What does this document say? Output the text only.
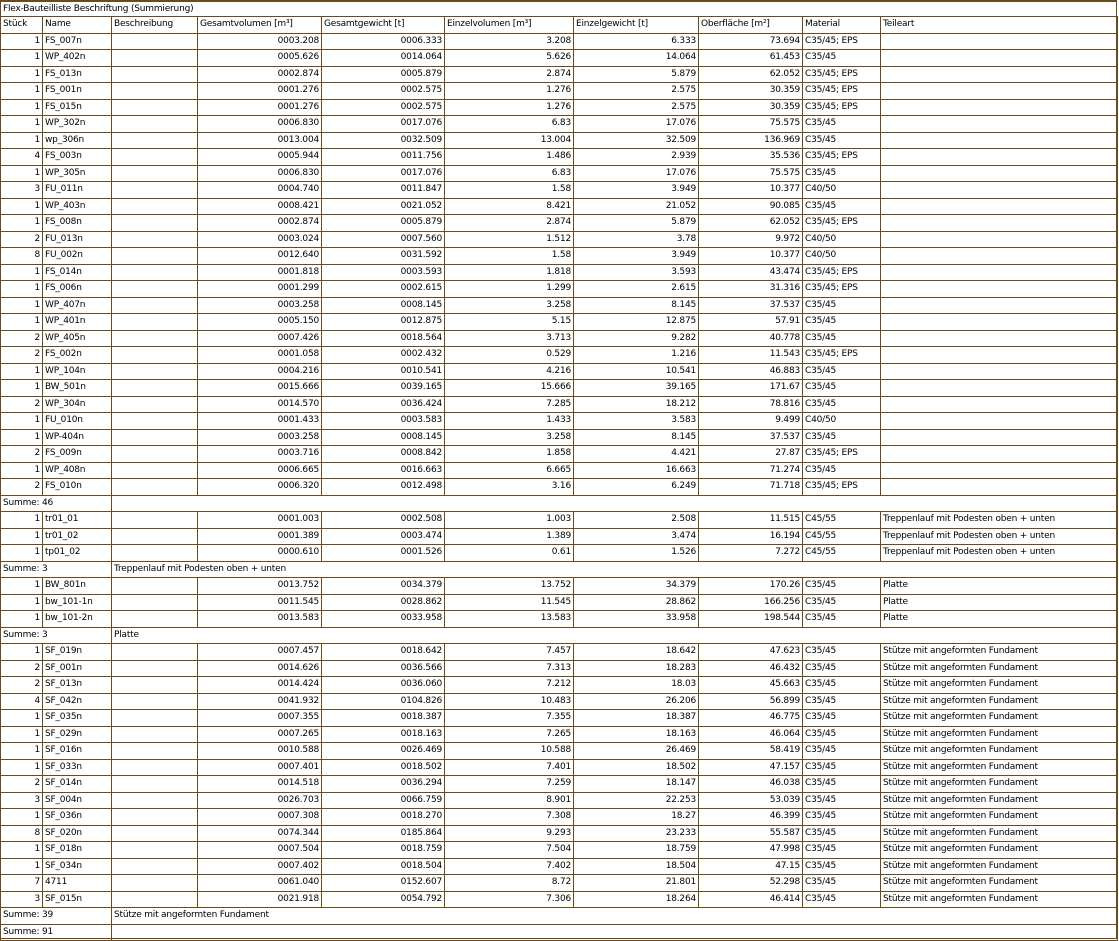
Flex-Bauteilliste Beschriftung (Summierung)
Stück	Name	Beschreibung	Gesamtvolumen [m³]	Gesamtgewicht [t]	Einzelvolumen [m³]	Einzelgewicht [t]	Oberfläche [m²]	Material	Teileart
1	FS_007n		0003.208	0006.333	3.208	6.333	73.694	C35/45; EPS	
1	WP_402n		0005.626	0014.064	5.626	14.064	61.453	C35/45	
1	FS_013n		0002.874	0005.879	2.874	5.879	62.052	C35/45; EPS	
1	FS_001n		0001.276	0002.575	1.276	2.575	30.359	C35/45; EPS	
1	FS_015n		0001.276	0002.575	1.276	2.575	30.359	C35/45; EPS	
1	WP_302n		0006.830	0017.076	6.83	17.076	75.575	C35/45	
1	wp_306n		0013.004	0032.509	13.004	32.509	136.969	C35/45	
4	FS_003n		0005.944	0011.756	1.486	2.939	35.536	C35/45; EPS	
1	WP_305n		0006.830	0017.076	6.83	17.076	75.575	C35/45	
3	FU_011n		0004.740	0011.847	1.58	3.949	10.377	C40/50	
1	WP_403n		0008.421	0021.052	8.421	21.052	90.085	C35/45	
1	FS_008n		0002.874	0005.879	2.874	5.879	62.052	C35/45; EPS	
2	FU_013n		0003.024	0007.560	1.512	3.78	9.972	C40/50	
8	FU_002n		0012.640	0031.592	1.58	3.949	10.377	C40/50	
1	FS_014n		0001.818	0003.593	1.818	3.593	43.474	C35/45; EPS	
1	FS_006n		0001.299	0002.615	1.299	2.615	31.316	C35/45; EPS	
1	WP_407n		0003.258	0008.145	3.258	8.145	37.537	C35/45	
1	WP_401n		0005.150	0012.875	5.15	12.875	57.91	C35/45	
2	WP_405n		0007.426	0018.564	3.713	9.282	40.778	C35/45	
2	FS_002n		0001.058	0002.432	0.529	1.216	11.543	C35/45; EPS	
1	WP_104n		0004.216	0010.541	4.216	10.541	46.883	C35/45	
1	BW_501n		0015.666	0039.165	15.666	39.165	171.67	C35/45	
2	WP_304n		0014.570	0036.424	7.285	18.212	78.816	C35/45	
1	FU_010n		0001.433	0003.583	1.433	3.583	9.499	C40/50	
1	WP-404n		0003.258	0008.145	3.258	8.145	37.537	C35/45	
2	FS_009n		0003.716	0008.842	1.858	4.421	27.87	C35/45; EPS	
1	WP_408n		0006.665	0016.663	6.665	16.663	71.274	C35/45	
2	FS_010n		0006.320	0012.498	3.16	6.249	71.718	C35/45; EPS	
Summe: 46									
1	tr01_01		0001.003	0002.508	1.003	2.508	11.515	C45/55	Treppenlauf mit Podesten oben + unten
1	tr01_02		0001.389	0003.474	1.389	3.474	16.194	C45/55	Treppenlauf mit Podesten oben + unten
1	tp01_02		0000.610	0001.526	0.61	1.526	7.272	C45/55	Treppenlauf mit Podesten oben + unten
Summe: 3		Treppenlauf mit Podesten oben + unten							
1	BW_801n		0013.752	0034.379	13.752	34.379	170.26	C35/45	Platte
1	bw_101-1n		0011.545	0028.862	11.545	28.862	166.256	C35/45	Platte
1	bw_101-2n		0013.583	0033.958	13.583	33.958	198.544	C35/45	Platte
Summe: 3		Platte							
1	SF_019n		0007.457	0018.642	7.457	18.642	47.623	C35/45	Stütze mit angeformten Fundament
2	SF_001n		0014.626	0036.566	7.313	18.283	46.432	C35/45	Stütze mit angeformten Fundament
2	SF_013n		0014.424	0036.060	7.212	18.03	45.663	C35/45	Stütze mit angeformten Fundament
4	SF_042n		0041.932	0104.826	10.483	26.206	56.899	C35/45	Stütze mit angeformten Fundament
1	SF_035n		0007.355	0018.387	7.355	18.387	46.775	C35/45	Stütze mit angeformten Fundament
1	SF_029n		0007.265	0018.163	7.265	18.163	46.064	C35/45	Stütze mit angeformten Fundament
1	SF_016n		0010.588	0026.469	10.588	26.469	58.419	C35/45	Stütze mit angeformten Fundament
1	SF_033n		0007.401	0018.502	7.401	18.502	47.157	C35/45	Stütze mit angeformten Fundament
2	SF_014n		0014.518	0036.294	7.259	18.147	46.038	C35/45	Stütze mit angeformten Fundament
3	SF_004n		0026.703	0066.759	8.901	22.253	53.039	C35/45	Stütze mit angeformten Fundament
1	SF_036n		0007.308	0018.270	7.308	18.27	46.399	C35/45	Stütze mit angeformten Fundament
8	SF_020n		0074.344	0185.864	9.293	23.233	55.587	C35/45	Stütze mit angeformten Fundament
1	SF_018n		0007.504	0018.759	7.504	18.759	47.998	C35/45	Stütze mit angeformten Fundament
1	SF_034n		0007.402	0018.504	7.402	18.504	47.15	C35/45	Stütze mit angeformten Fundament
7	4711		0061.040	0152.607	8.72	21.801	52.298	C35/45	Stütze mit angeformten Fundament
3	SF_015n		0021.918	0054.792	7.306	18.264	46.414	C35/45	Stütze mit angeformten Fundament
Summe: 39		Stütze mit angeformten Fundament							
Summe: 91									
